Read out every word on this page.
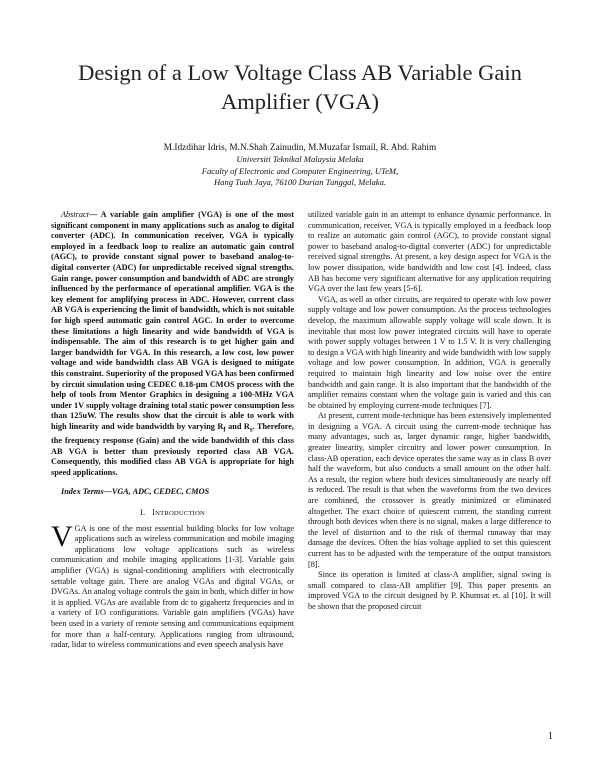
Design of a Low Voltage Class AB Variable Gain Amplifier (VGA)
M.Idzdihar Idris, M.N.Shah Zainudin, M.Muzafar Ismail, R. Abd. Rahim
Universiti Teknikal Malaysia Melaka
Faculty of Electronic and Computer Engineering, UTeM,
Hang Tuah Jaya, 76100 Durian Tunggal, Melaka.

Abstract— A variable gain amplifier (VGA) is one of the most significant component in many applications such as analog to digital converter (ADC). In communication receiver, VGA is typically employed in a feedback loop to realize an automatic gain control (AGC), to provide constant signal power to baseband analog-to-digital converter (ADC) for unpredictable received signal strengths. Gain range, power consumption and bandwidth of ADC are strongly influenced by the performance of operational amplifier. VGA is the key element for amplifying process in ADC. However, current class AB VGA is experiencing the limit of bandwidth, which is not suitable for high speed automatic gain control AGC. In order to overcome these limitations a high linearity and wide bandwidth of VGA is indispensable. The aim of this research is to get higher gain and larger bandwidth for VGA. In this research, a low cost, low power voltage and wide bandwidth class AB VGA is designed to mitigate this constraint. Superiority of the proposed VGA has been confirmed by circuit simulation using CEDEC 0.18-µm CMOS process with the help of tools from Mentor Graphics in designing a 100-MHz VGA under 1V supply voltage draining total static power consumption less than 125uW. The results show that the circuit is able to work with high linearity and wide bandwidth by varying $R_f$ and $R_s$. Therefore, the frequency response (Gain) and the wide bandwidth of this class AB VGA is better than previously reported class AB VGA. Consequently, this modified class AB VGA is appropriate for high speed applications.

Index Terms—VGA, ADC, CEDEC, CMOS

I. INTRODUCTION

VGA is one of the most essential building blocks for low voltage applications such as wireless communication and mobile imaging applications low voltage applications such as wireless communication and mobile imaging applications [1-3]. Variable gain amplifier (VGA) is signal-conditioning amplifiers with electronically settable voltage gain. There are analog VGAs and digital VGAs, or DVGAs. An analog voltage controls the gain in both, which differ in how it is applied. VGAs are available from dc to gigahertz frequencies and in a variety of I/O configurations. Variable gain amplifiers (VGAs) have been used in a variety of remote sensing and communications equipment for more than a half-century. Applications ranging from ultrasound, radar, lidar to wireless communications and even speech analysis have

utilized variable gain in an attempt to enhance dynamic performance. In communication, receiver, VGA is typically employed in a feedback loop to realize an automatic gain control (AGC), to provide constant signal power to baseband analog-to-digital converter (ADC) for unpredictable received signal strengths. At present, a key design aspect for VGA is the low power dissipation, wide bandwidth and low cost [4]. Indeed, class AB has become very significant alternative for any application requiring VGA over the last few years [5-6].

VGA, as well as other circuits, are required to operate with low power supply voltage and low power consumption. As the process technologies develop, the maximum allowable supply voltage will scale down. It is inevitable that most low power integrated circuits will have to operate with power supply voltages between 1 V to 1.5 V. It is very challenging to design a VGA with high linearity and wide bandwidth with low supply voltage and low power consumption. In addition, VGA is generally required to maintain high linearity and low noise over the entire bandwidth and gain range. It is also important that the bandwidth of the amplifier remains constant when the voltage gain is varied and this can be obtained by employing current-mode techniques [7].

At present, current mode-technique has been extensively implemented in designing a VGA. A circuit using the current-mode technique has many advantages, such as, larger dynamic range, higher bandwidth, greater linearity, simpler circuitry and lower power consumption. In class-AB operation, each device operates the same way as in class B over half the waveform, but also conducts a small amount on the other half. As a result, the region where both devices simultaneously are nearly off is reduced. The result is that when the waveforms from the two devices are combined, the crossover is greatly minimized or eliminated altogether. The exact choice of quiescent current, the standing current through both devices when there is no signal, makes a large difference to the level of distortion and to the risk of thermal runaway that may damage the devices. Often the bias voltage applied to set this quiescent current has to be adjusted with the temperature of the output transistors [8].

Since its operation is limited at class-A amplifier, signal swing is small compared to class-AB amplifier [9]. This paper presents an improved VGA to the circuit designed by P. Khumsat et. al [10]. It will be shown that the proposed circuit

1
